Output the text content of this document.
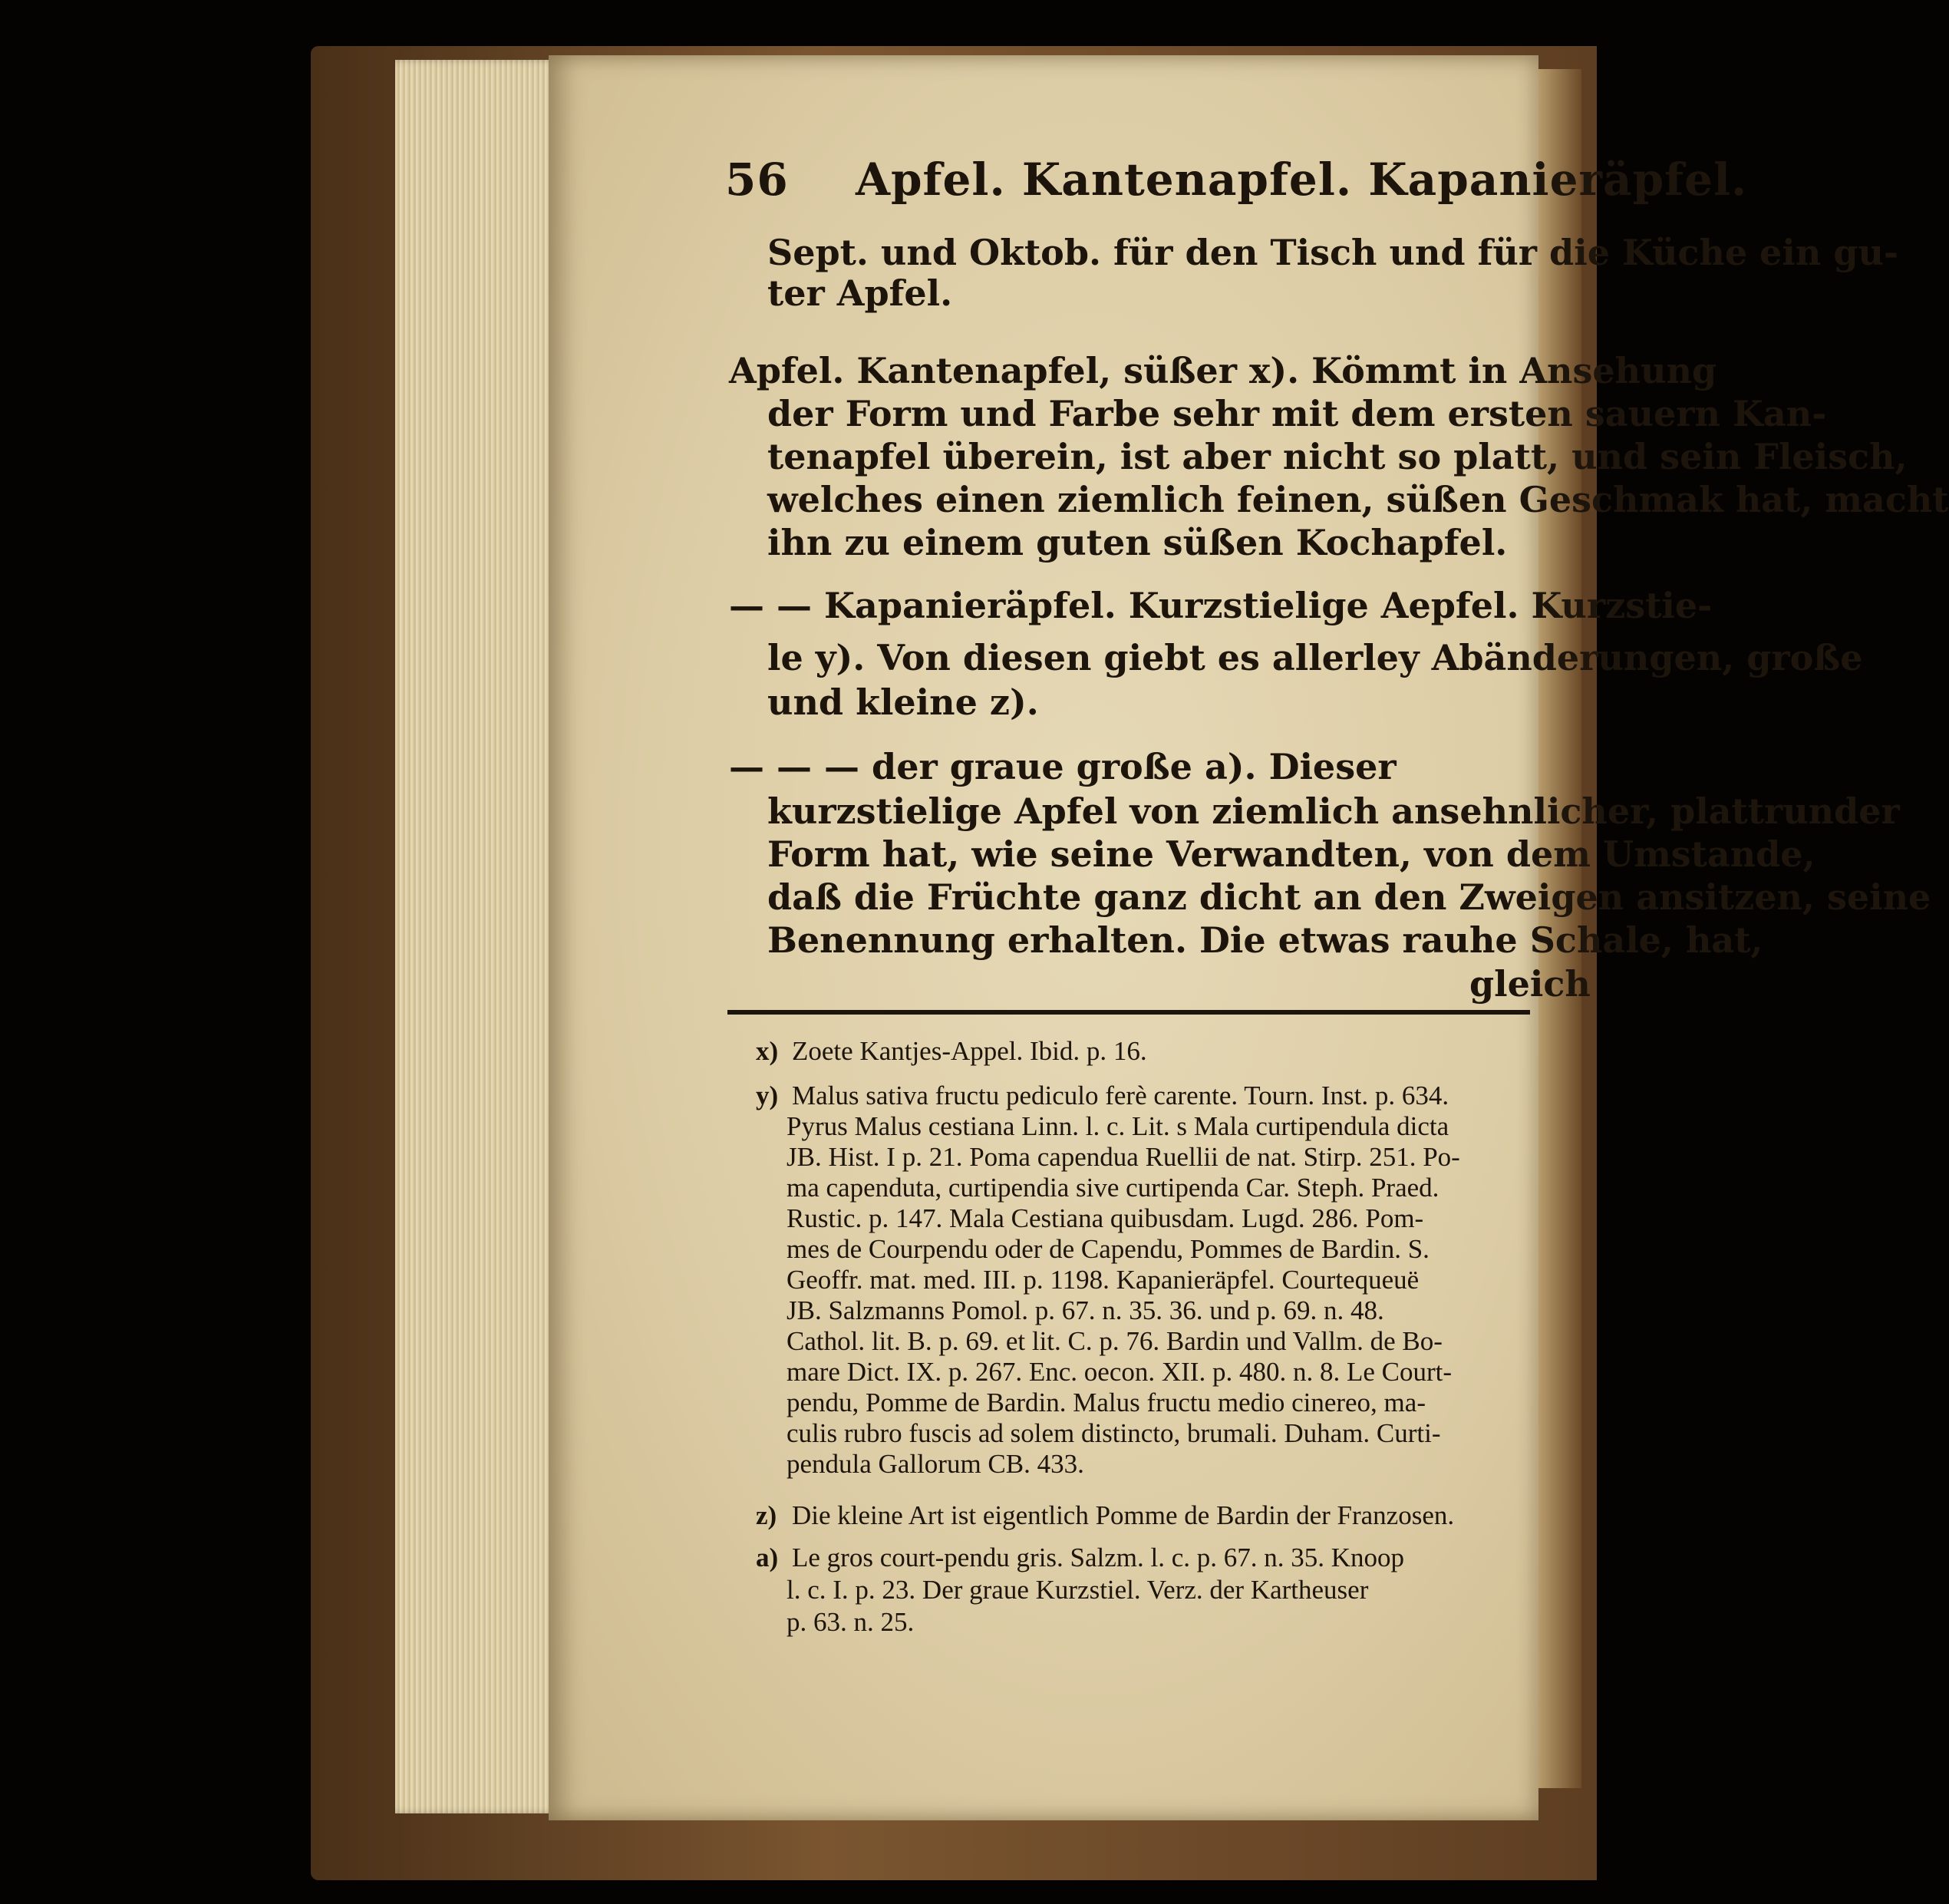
56 Apfel. Kantenapfel. Kapanieräpfel.
Sept. und Oktob. für den Tisch und für die Küche ein gu-
ter Apfel.
Apfel. Kantenapfel, süßer x). Kömmt in Ansehung
der Form und Farbe sehr mit dem ersten sauern Kan-
tenapfel überein, ist aber nicht so platt, und sein Fleisch,
welches einen ziemlich feinen, süßen Geschmak hat, macht
ihn zu einem guten süßen Kochapfel.
— — Kapanieräpfel. Kurzstielige Aepfel. Kurzstie-
le y). Von diesen giebt es allerley Abänderungen, große
und kleine z).
— — — der graue große a). Dieser
kurzstielige Apfel von ziemlich ansehnlicher, plattrunder
Form hat, wie seine Verwandten, von dem Umstande,
daß die Früchte ganz dicht an den Zweigen ansitzen, seine
Benennung erhalten. Die etwas rauhe Schale, hat,
gleich
x) Zoete Kantjes-Appel. Ibid. p. 16.
y) Malus sativa fructu pediculo ferè carente. Tourn. Inst. p. 634.
Pyrus Malus cestiana Linn. l. c. Lit. s Mala curtipendula dicta
JB. Hist. I p. 21. Poma capendua Ruellii de nat. Stirp. 251. Po-
ma capenduta, curtipendia sive curtipenda Car. Steph. Praed.
Rustic. p. 147. Mala Cestiana quibusdam. Lugd. 286. Pom-
mes de Courpendu oder de Capendu, Pommes de Bardin. S.
Geoffr. mat. med. III. p. 1198. Kapanieräpfel. Courtequeuë
JB. Salzmanns Pomol. p. 67. n. 35. 36. und p. 69. n. 48.
Cathol. lit. B. p. 69. et lit. C. p. 76. Bardin und Vallm. de Bo-
mare Dict. IX. p. 267. Enc. oecon. XII. p. 480. n. 8. Le Court-
pendu, Pomme de Bardin. Malus fructu medio cinereo, ma-
culis rubro fuscis ad solem distincto, brumali. Duham. Curti-
pendula Gallorum CB. 433.
z) Die kleine Art ist eigentlich Pomme de Bardin der Franzosen.
a) Le gros court-pendu gris. Salzm. l. c. p. 67. n. 35. Knoop
l. c. I. p. 23. Der graue Kurzstiel. Verz. der Kartheuser
p. 63. n. 25.
